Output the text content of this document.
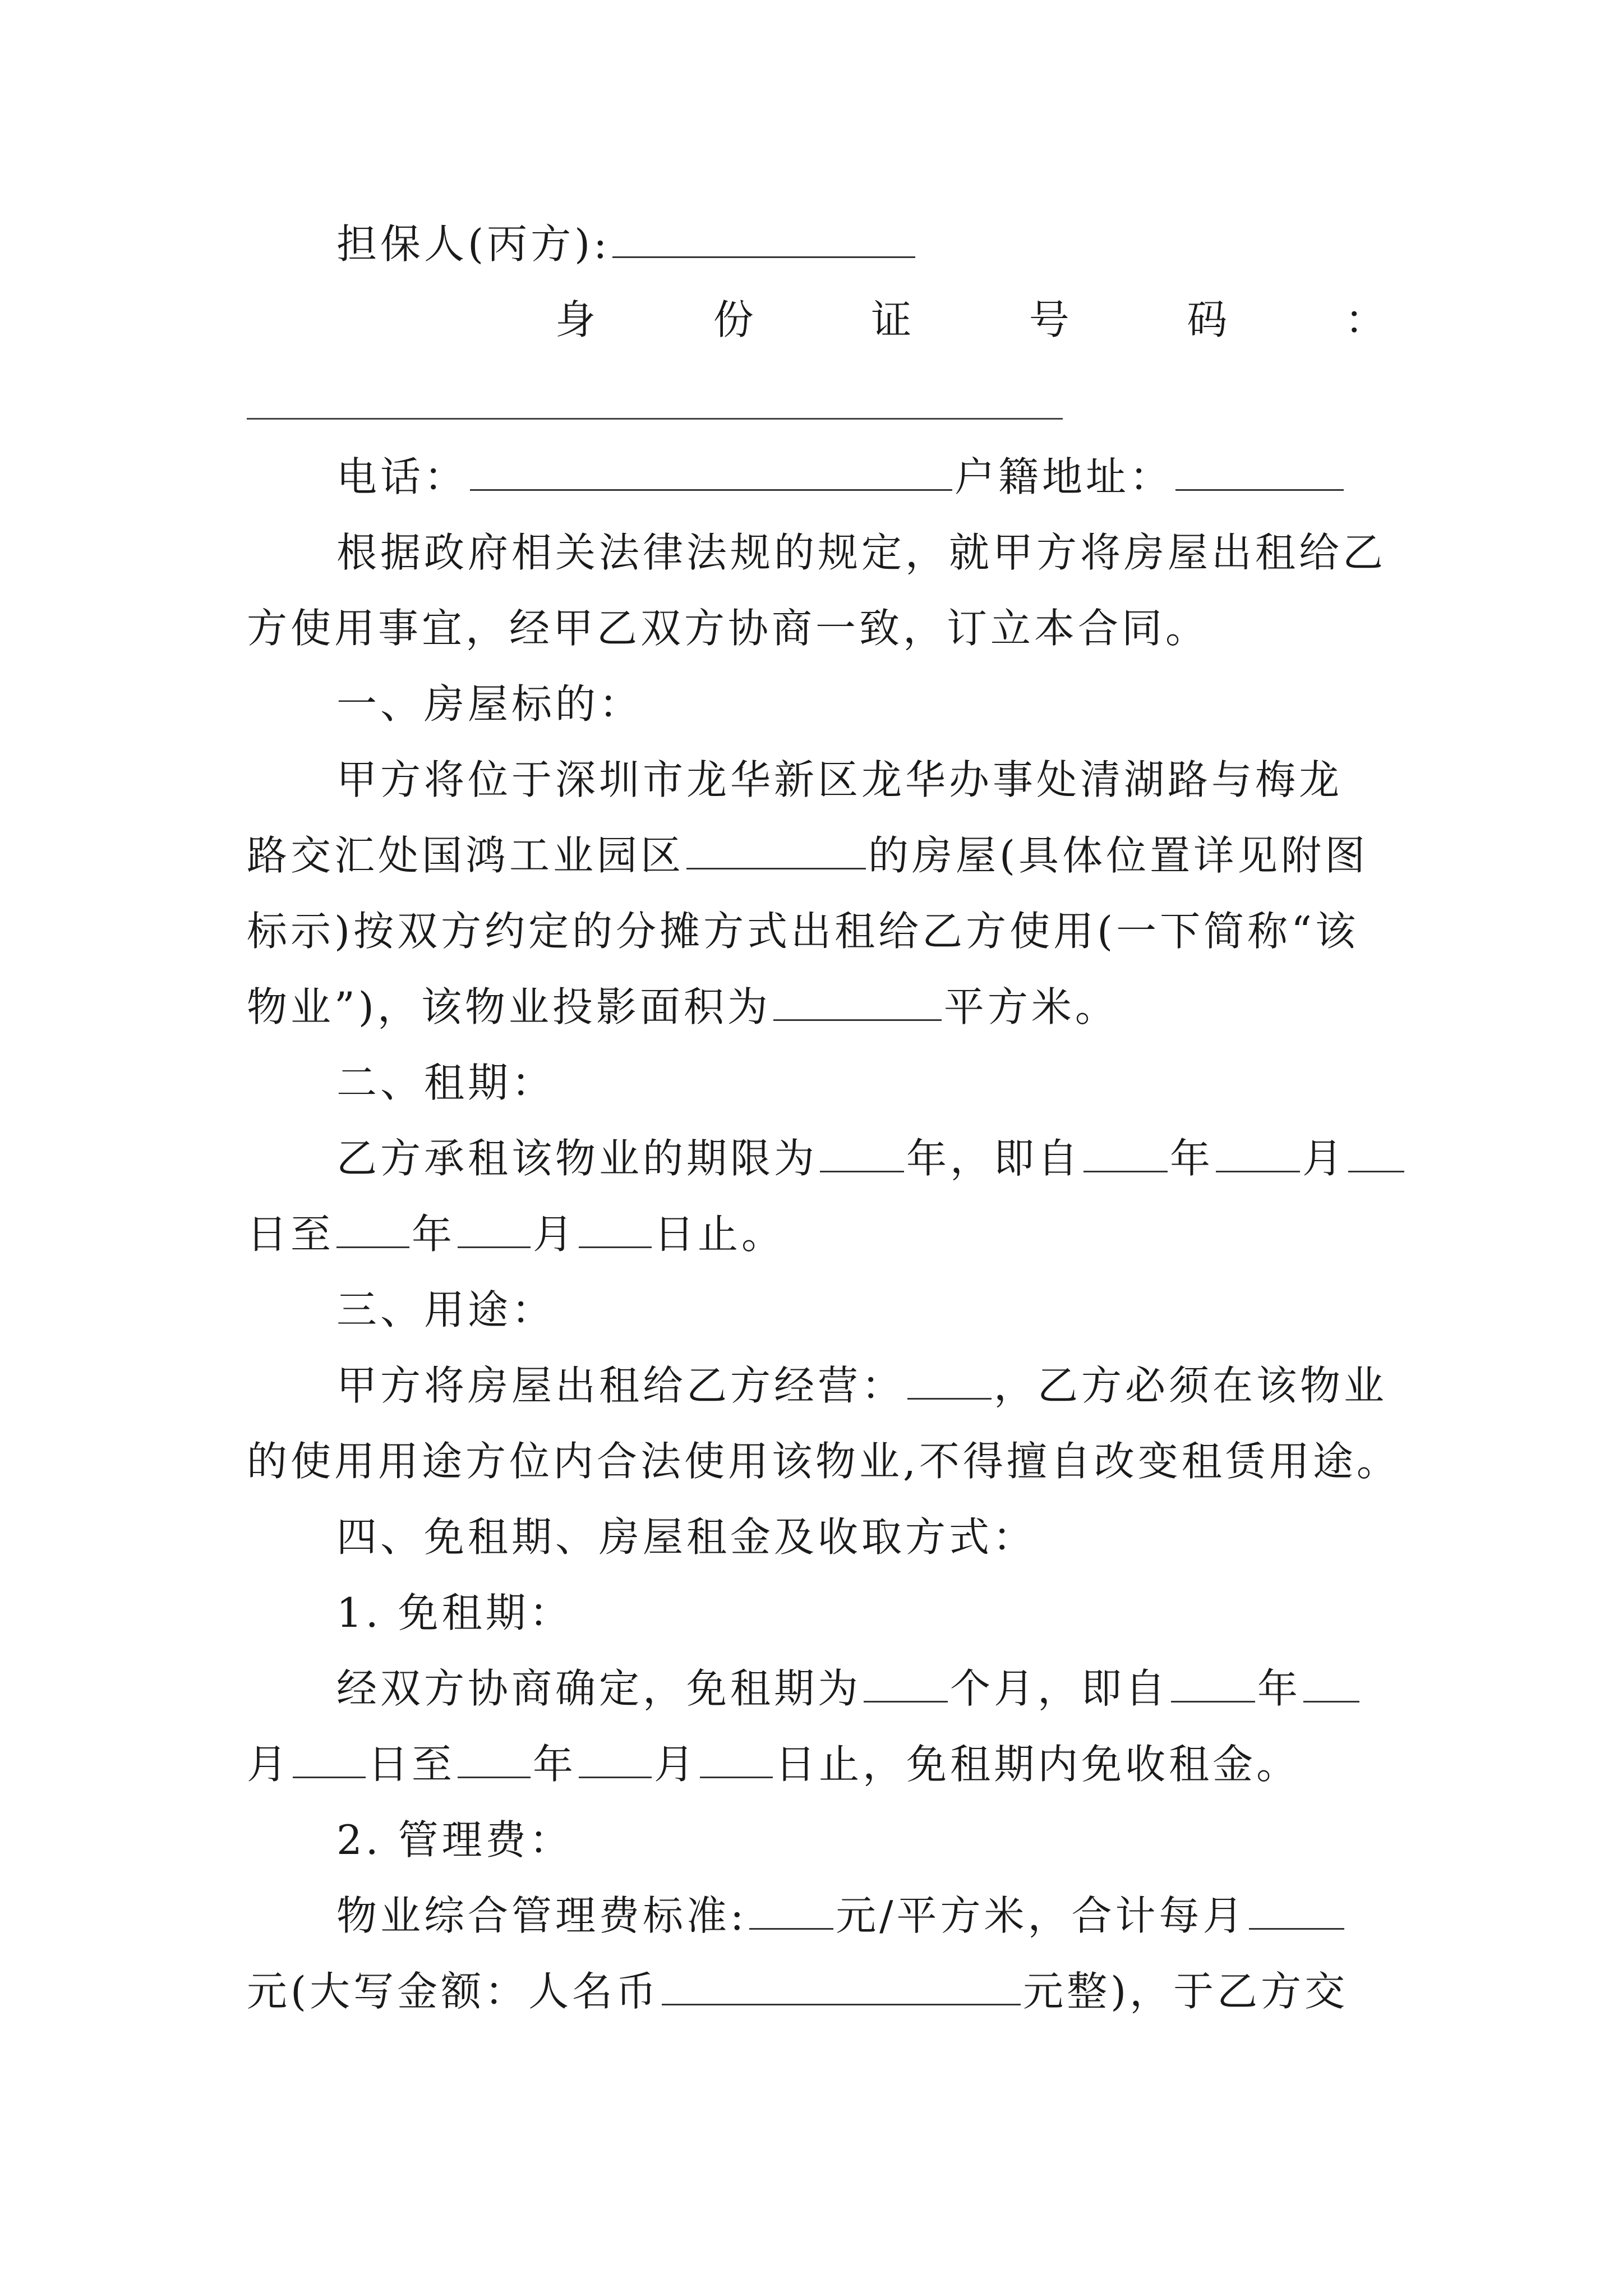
担保人(丙方):
身	份	证	号	码	：
电话：	户籍地址：
根据政府相关法律法规的规定，就甲方将房屋出租给乙
方使用事宜，经甲乙双方协商一致，订立本合同。
一、房屋标的：
甲方将位于深圳市龙华新区龙华办事处清湖路与梅龙
路交汇处国鸿工业园区	的房屋(具体位置详见附图
标示)按双方约定的分摊方式出租给乙方使用(一下简称“该
物业”)，该物业投影面积为	平方米。
二、租期：
乙方承租该物业的期限为 年，即自 年 月
日至 年 月 日止。
三、用途：
甲方将房屋出租给乙方经营： ，乙方必须在该物业
的使用用途方位内合法使用该物业,不得擅自改变租赁用途。
四、免租期、房屋租金及收取方式：
1. 免租期：
经双方协商确定，免租期为 个月，即自 年
月 日至 年 月 日止，免租期内免收租金。
2. 管理费：
物业综合管理费标准: 元/平方米，合计每月
元(大写金额：人名币	元整)，于乙方交
